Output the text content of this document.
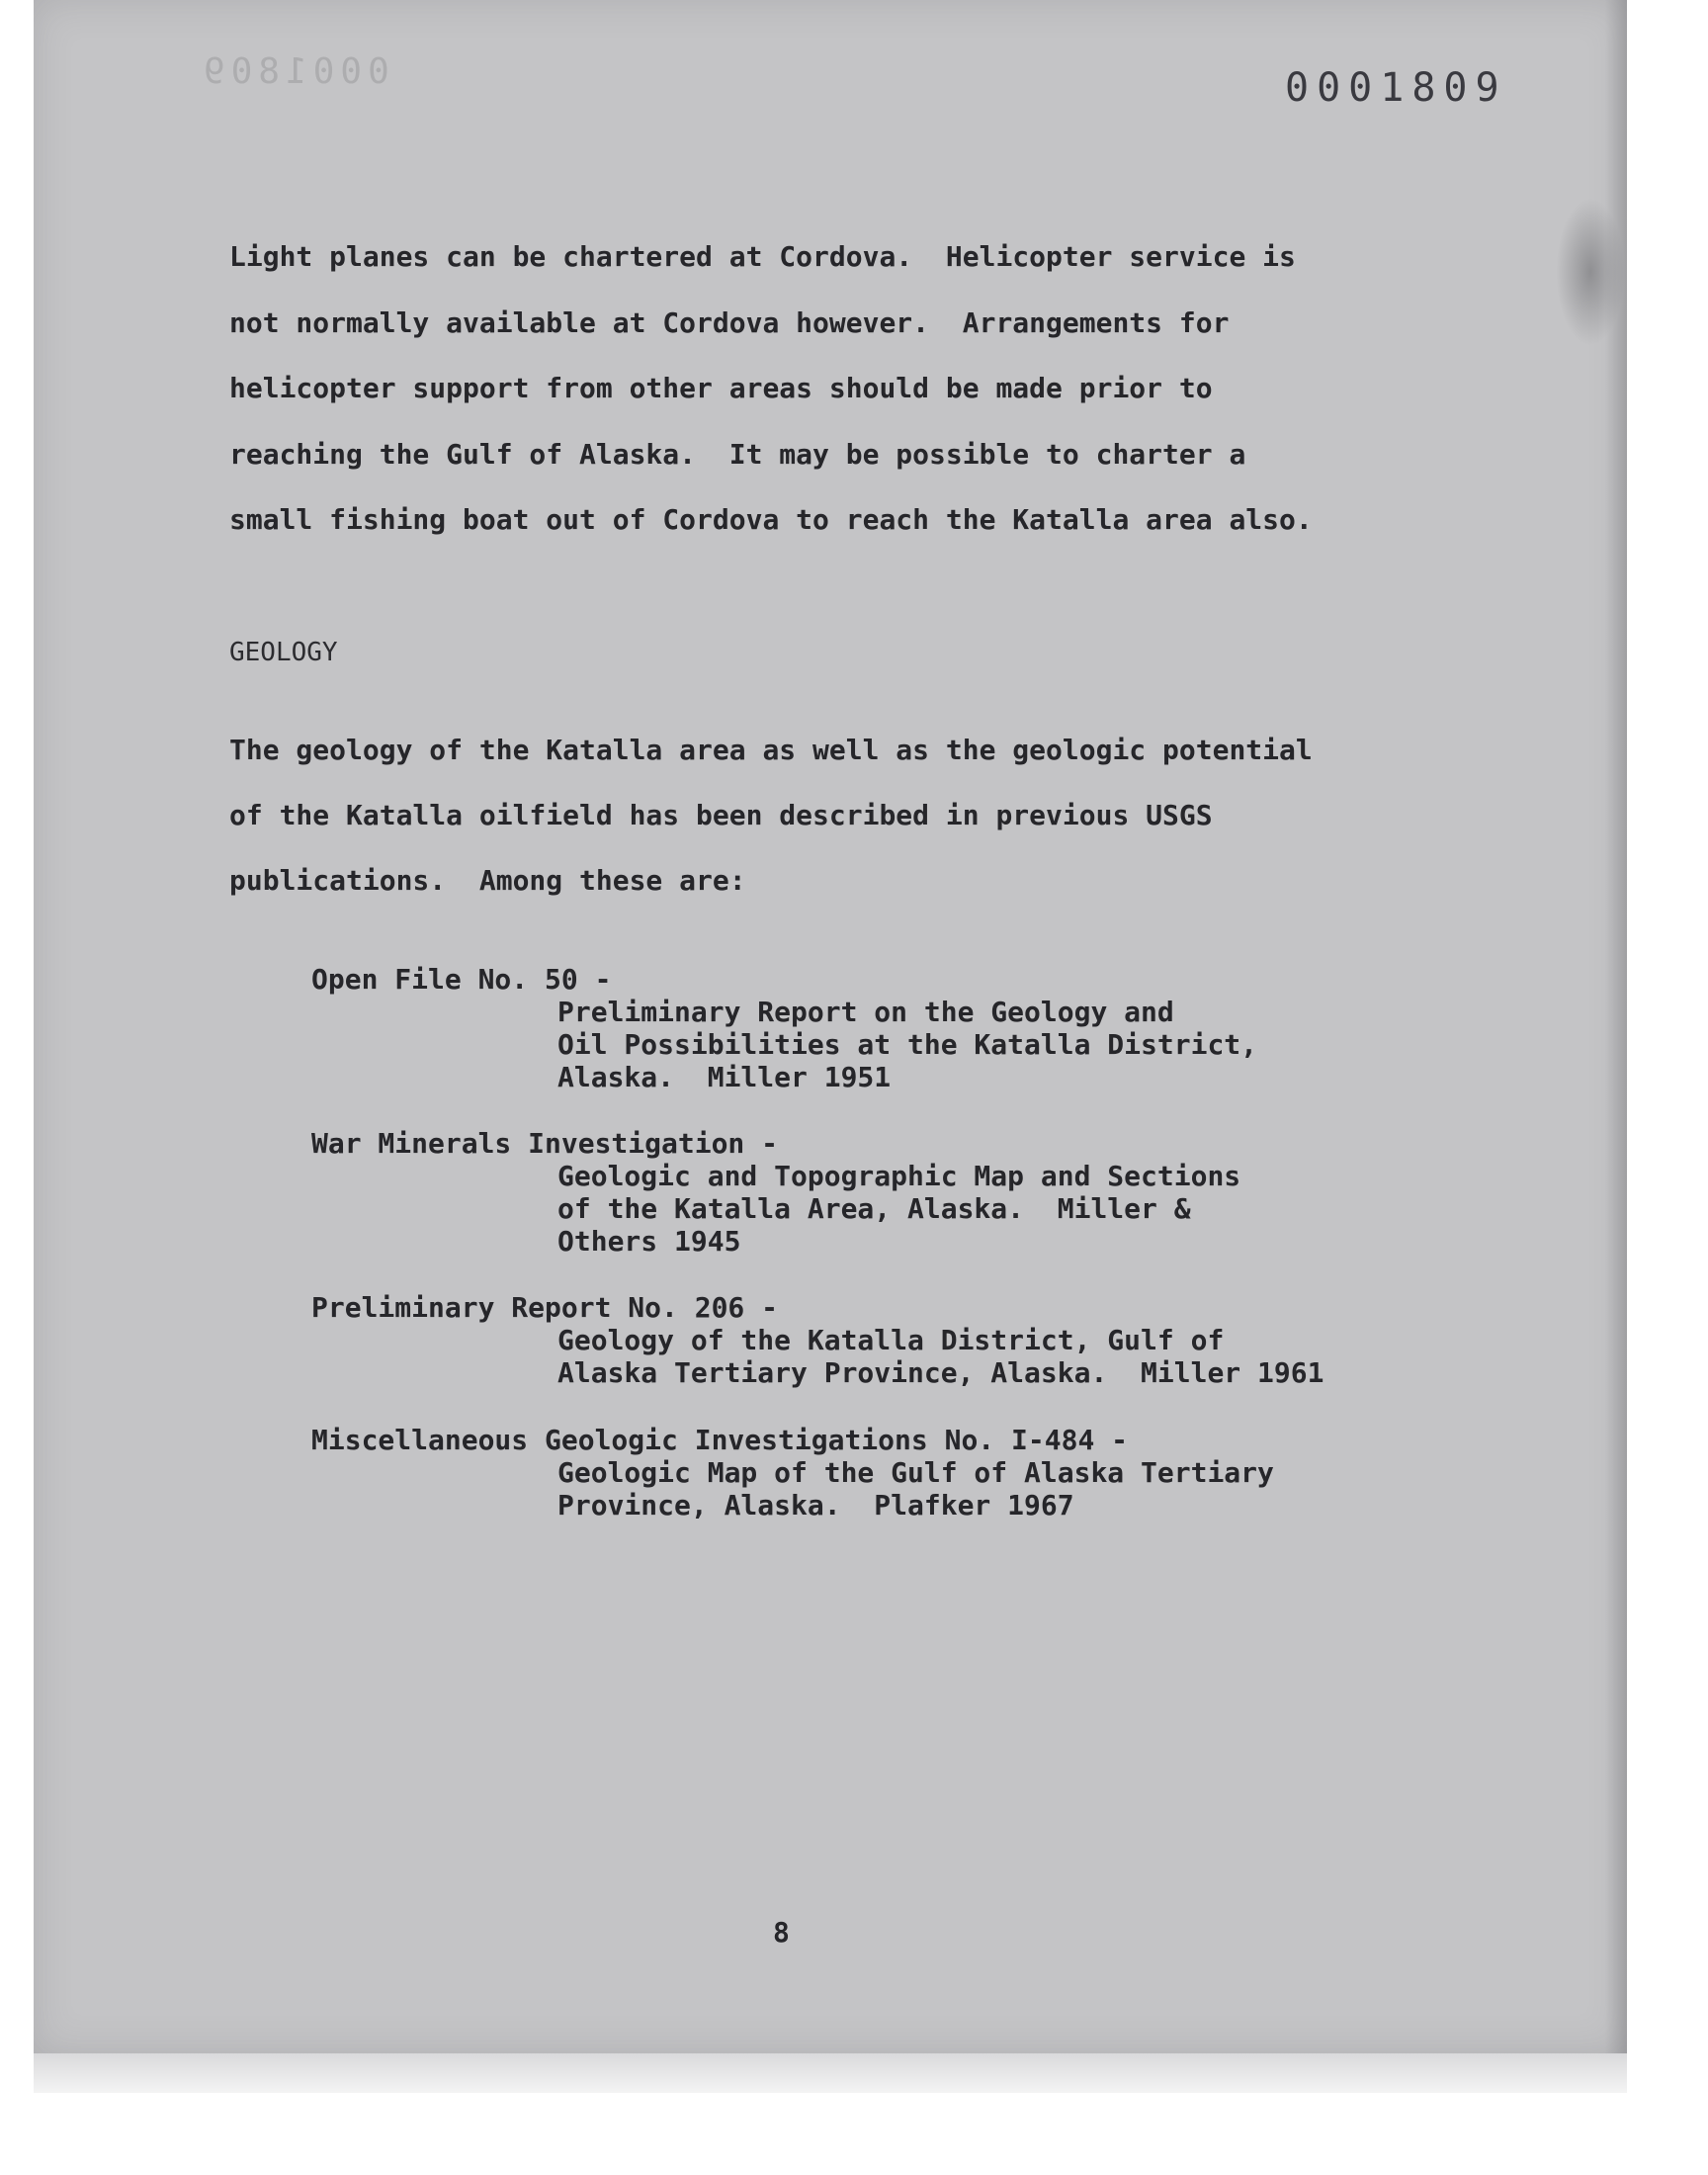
0001809	0001809
Light planes can be chartered at Cordova.  Helicopter service is
not normally available at Cordova however.  Arrangements for
helicopter support from other areas should be made prior to
reaching the Gulf of Alaska.  It may be possible to charter a
small fishing boat out of Cordova to reach the Katalla area also.
GEOLOGY
The geology of the Katalla area as well as the geologic potential
of the Katalla oilfield has been described in previous USGS
publications.  Among these are:
Open File No. 50 -
Preliminary Report on the Geology and
Oil Possibilities at the Katalla District,
Alaska.  Miller 1951
War Minerals Investigation -
Geologic and Topographic Map and Sections
of the Katalla Area, Alaska.  Miller &
Others 1945
Preliminary Report No. 206 -
Geology of the Katalla District, Gulf of
Alaska Tertiary Province, Alaska.  Miller 1961
Miscellaneous Geologic Investigations No. I-484 -
Geologic Map of the Gulf of Alaska Tertiary
Province, Alaska.  Plafker 1967
8
